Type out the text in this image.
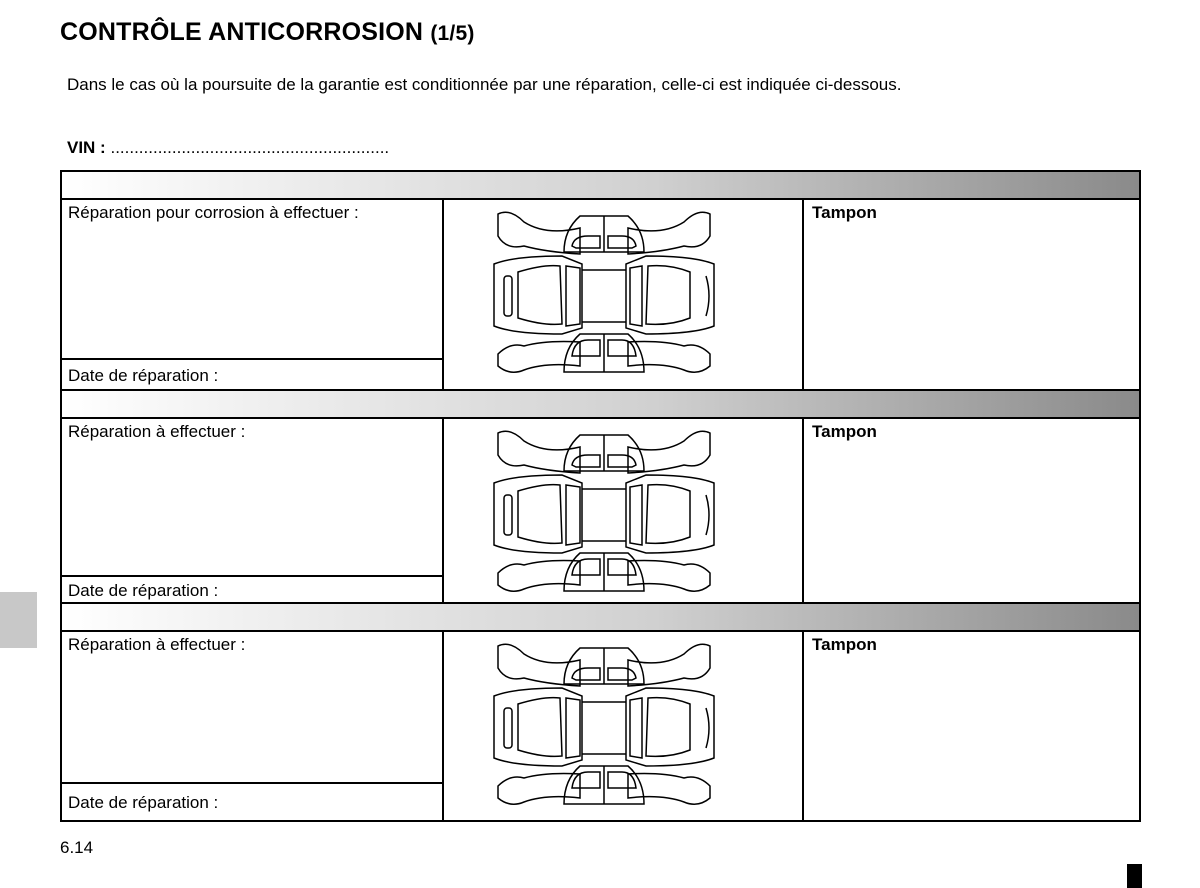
CONTRÔLE ANTICORROSION (1/5)
Dans le cas où la poursuite de la garantie est conditionnée par une réparation, celle-ci est indiquée ci-dessous.
VIN : ...........................................................
Réparation pour corrosion à effectuer :
Date de réparation :
Tampon
Réparation à effectuer :
Date de réparation :
Tampon
Réparation à effectuer :
Date de réparation :
Tampon
6.14
